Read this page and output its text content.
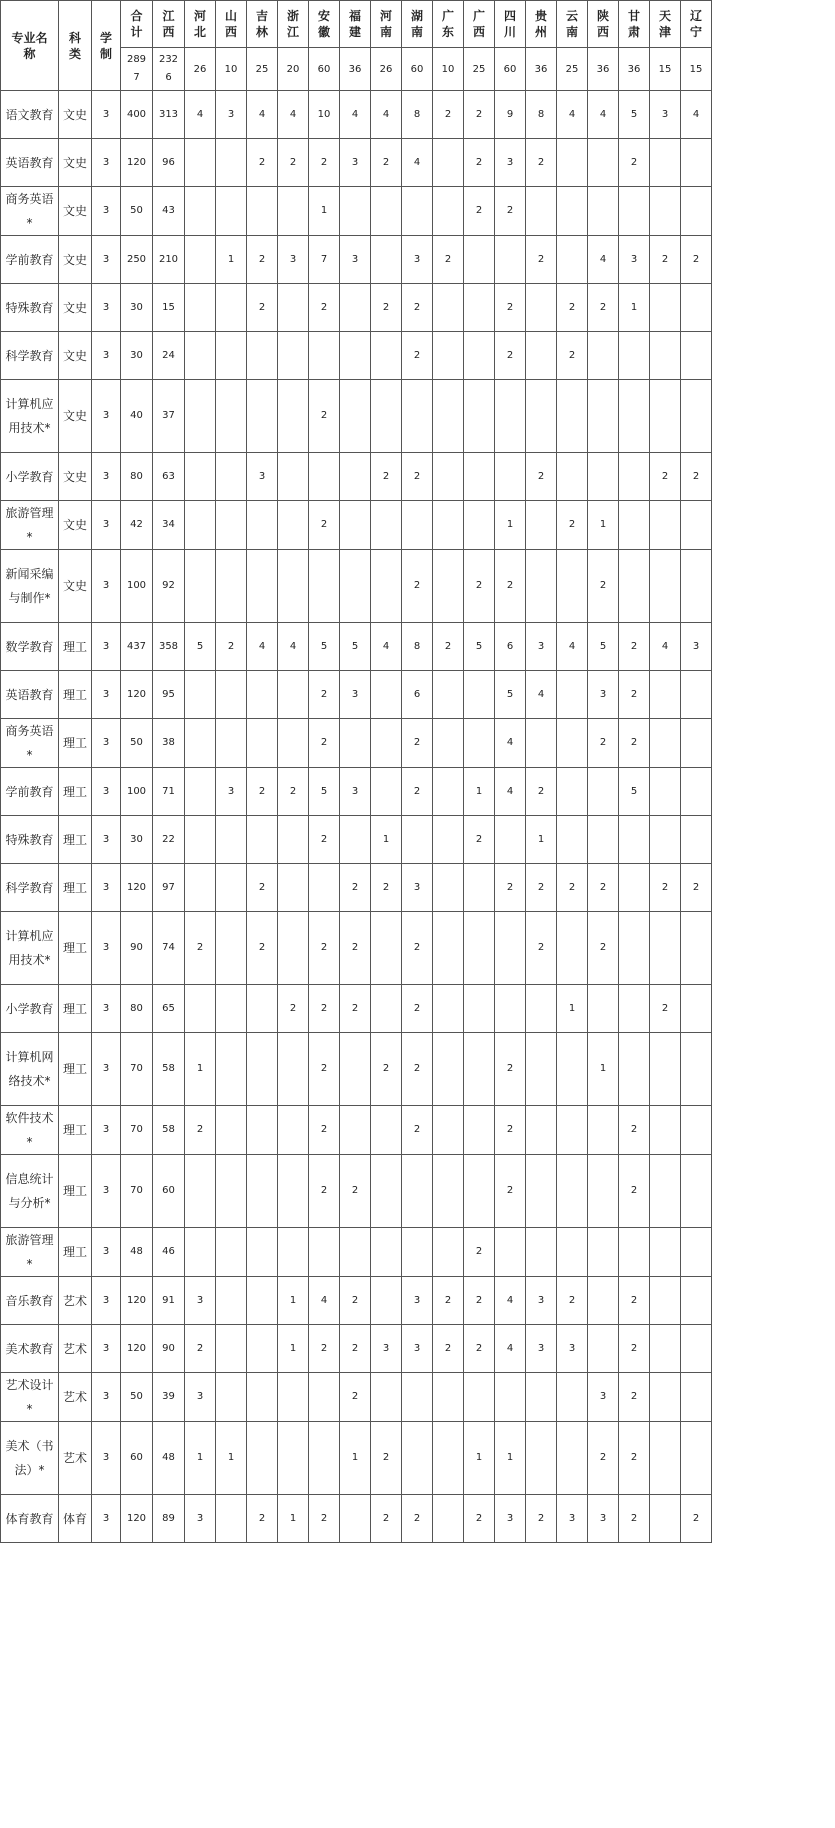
专业名称	科类	学制	合计	江西	河北	山西	吉林	浙江	安徽	福建	河南	湖南	广东	广西	四川	贵州	云南	陕西	甘肃	天津	辽宁
			2897	2326	26	10	25	20	60	36	26	60	10	25	60	36	25	36	36	15	15
语文教育	文史	3	400	313	4	3	4	4	10	4	4	8	2	2	9	8	4	4	5	3	4
英语教育	文史	3	120	96			2	2	2	3	2	4		2	3	2			2		
商务英语*	文史	3	50	43					1					2	2						
学前教育	文史	3	250	210		1	2	3	7	3		3	2			2		4	3	2	2
特殊教育	文史	3	30	15			2		2		2	2			2		2	2	1		
科学教育	文史	3	30	24								2			2		2				
计算机应用技术*	文史	3	40	37					2												
小学教育	文史	3	80	63			3				2	2				2				2	2
旅游管理*	文史	3	42	34					2						1		2	1			
新闻采编与制作*	文史	3	100	92								2		2	2			2			
数学教育	理工	3	437	358	5	2	4	4	5	5	4	8	2	5	6	3	4	5	2	4	3
英语教育	理工	3	120	95					2	3		6			5	4		3	2		
商务英语*	理工	3	50	38					2			2			4			2	2		
学前教育	理工	3	100	71		3	2	2	5	3		2		1	4	2			5		
特殊教育	理工	3	30	22					2		1			2		1					
科学教育	理工	3	120	97			2			2	2	3			2	2	2	2		2	2
计算机应用技术*	理工	3	90	74	2		2		2	2		2				2		2			
小学教育	理工	3	80	65				2	2	2		2					1			2	
计算机网络技术*	理工	3	70	58	1				2		2	2			2			1			
软件技术*	理工	3	70	58	2				2			2			2				2		
信息统计与分析*	理工	3	70	60					2	2					2				2		
旅游管理*	理工	3	48	46										2							
音乐教育	艺术	3	120	91	3			1	4	2		3	2	2	4	3	2		2		
美术教育	艺术	3	120	90	2			1	2	2	3	3	2	2	4	3	3		2		
艺术设计*	艺术	3	50	39	3					2								3	2		
美术（书法）*	艺术	3	60	48	1	1				1	2			1	1			2	2		
体育教育	体育	3	120	89	3		2	1	2		2	2		2	3	2	3	3	2		2
